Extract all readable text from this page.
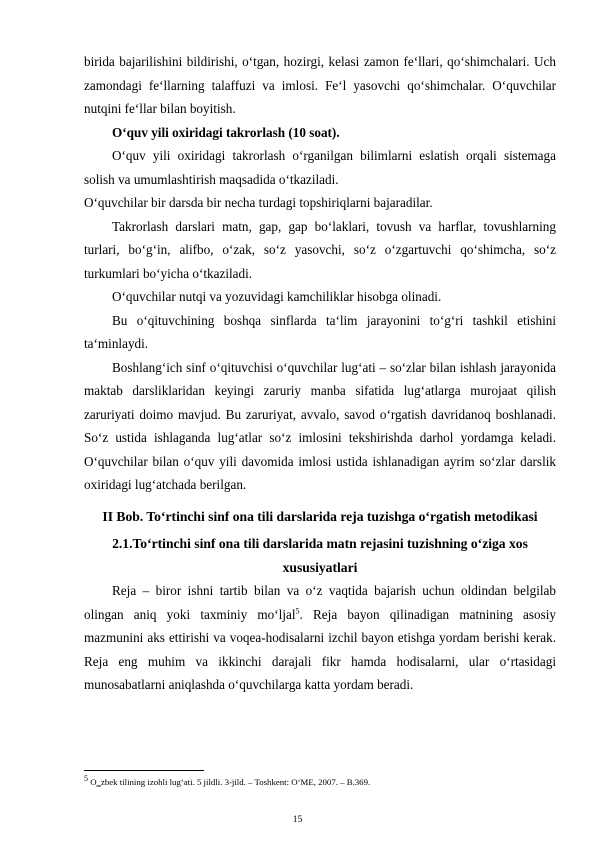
birida bajarilishini bildirishi, o‘tgan, hozirgi, kelasi zamon fe‘llari, qo‘shimchalari. Uch zamondagi fe‘llarning talaffuzi va imlosi. Fe‘l yasovchi qo‘shimchalar. O‘quvchilar nutqini fe‘llar bilan boyitish.

O‘quv yili oxiridagi takrorlash (10 soat).

O‘quv yili oxiridagi takrorlash o‘rganilgan bilimlarni eslatish orqali sistemaga solish va umumlashtirish maqsadida o‘tkaziladi.

O‘quvchilar bir darsda bir necha turdagi topshiriqlarni bajaradilar.

Takrorlash darslari matn, gap, gap bo‘laklari, tovush va harflar, tovushlarning turlari, bo‘g‘in, alifbo, o‘zak, so‘z yasovchi, so‘z o‘zgartuvchi qo‘shimcha, so‘z turkumlari bo‘yicha o‘tkaziladi.

O‘quvchilar nutqi va yozuvidagi kamchiliklar hisobga olinadi.

Bu o‘qituvchining boshqa sinflarda ta‘lim jarayonini to‘g‘ri tashkil etishini ta‘minlaydi.

Boshlang‘ich sinf o‘qituvchisi o‘quvchilar lug‘ati – so‘zlar bilan ishlash jarayonida maktab darsliklaridan keyingi zaruriy manba sifatida lug‘atlarga murojaat qilish zaruriyati doimo mavjud. Bu zaruriyat, avvalo, savod o‘rgatish davridanoq boshlanadi. So‘z ustida ishlaganda lug‘atlar so‘z imlosini tekshirishda darhol yordamga keladi. O‘quvchilar bilan o‘quv yili davomida imlosi ustida ishlanadigan ayrim so‘zlar darslik oxiridagi lug‘atchada berilgan.

II Bob. To‘rtinchi sinf ona tili darslarida reja tuzishga o‘rgatish metodikasi

2.1.To‘rtinchi sinf ona tili darslarida matn rejasini tuzishning o‘ziga xos xususiyatlari

Reja – biror ishni tartib bilan va o‘z vaqtida bajarish uchun oldindan belgilab olingan aniq yoki taxminiy mo‘ljal$^5$. Reja bayon qilinadigan matnining asosiy mazmunini aks ettirishi va voqea-hodisalarni izchil bayon etishga yordam berishi kerak. Reja eng muhim va ikkinchi darajali fikr hamda hodisalarni, ular o‘rtasidagi munosabatlarni aniqlashda o‘quvchilarga katta yordam beradi.

$^5$ O‗zbek tilining izohli lug‘ati. 5 jildli. 3-jild. – Toshkent: O‘ME, 2007. – B.369.
15
